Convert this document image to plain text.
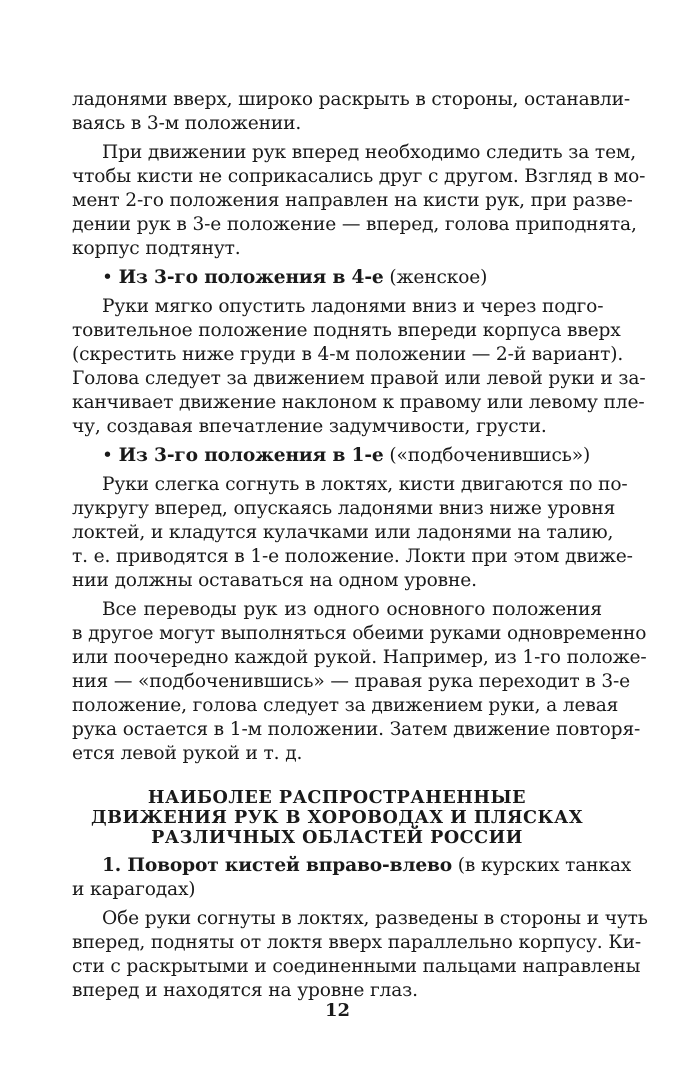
ладонями вверх, широко раскрыть в стороны, останавли-
ваясь в 3-м положении.
При движении рук вперед необходимо следить за тем,
чтобы кисти не соприкасались друг с другом. Взгляд в мо-
мент 2-го положения направлен на кисти рук, при разве-
дении рук в 3-е положение — вперед, голова приподнята,
корпус подтянут.
• Из 3-го положения в 4-е (женское)
Руки мягко опустить ладонями вниз и через подго-
товительное положение поднять впереди корпуса вверх
(скрестить ниже груди в 4-м положении — 2-й вариант).
Голова следует за движением правой или левой руки и за-
канчивает движение наклоном к правому или левому пле-
чу, создавая впечатление задумчивости, грусти.
• Из 3-го положения в 1-е («подбоченившись»)
Руки слегка согнуть в локтях, кисти двигаются по по-
лукругу вперед, опускаясь ладонями вниз ниже уровня
локтей, и кладутся кулачками или ладонями на талию,
т. е. приводятся в 1-е положение. Локти при этом движе-
нии должны оставаться на одном уровне.
Все переводы рук из одного основного положения
в другое могут выполняться обеими руками одновременно
или поочередно каждой рукой. Например, из 1-го положе-
ния — «подбоченившись» — правая рука переходит в 3-е
положение, голова следует за движением руки, а левая
рука остается в 1-м положении. Затем движение повторя-
ется левой рукой и т. д.
НАИБОЛЕЕ РАСПРОСТРАНЕННЫЕ
ДВИЖЕНИЯ РУК В ХОРОВОДАХ И ПЛЯСКАХ
РАЗЛИЧНЫХ ОБЛАСТЕЙ РОССИИ
1. Поворот кистей вправо-влево (в курских танках
и карагодах)
Обе руки согнуты в локтях, разведены в стороны и чуть
вперед, подняты от локтя вверх параллельно корпусу. Ки-
сти с раскрытыми и соединенными пальцами направлены
вперед и находятся на уровне глаз.
12
